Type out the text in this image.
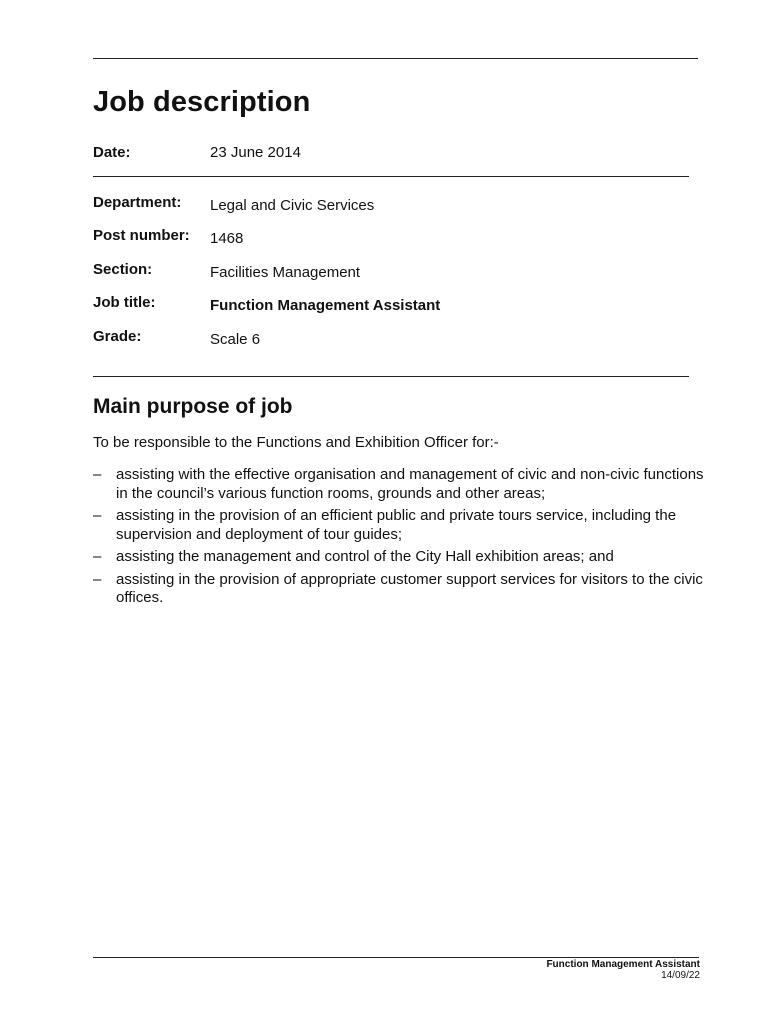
Job description
Date:	23 June 2014
Department: Legal and Civic Services
Post number: 1468
Section:	Facilities Management
Job title:	Function Management Assistant
Grade:	Scale 6
Main purpose of job
To be responsible to the Functions and Exhibition Officer for:-
– assisting with the effective organisation and management of civic and non-civic functions in the council’s various function rooms, grounds and other areas;
– assisting in the provision of an efficient public and private tours service, including the supervision and deployment of tour guides;
– assisting the management and control of the City Hall exhibition areas; and
– assisting in the provision of appropriate customer support services for visitors to the civic offices.
Function Management Assistant
14/09/22
